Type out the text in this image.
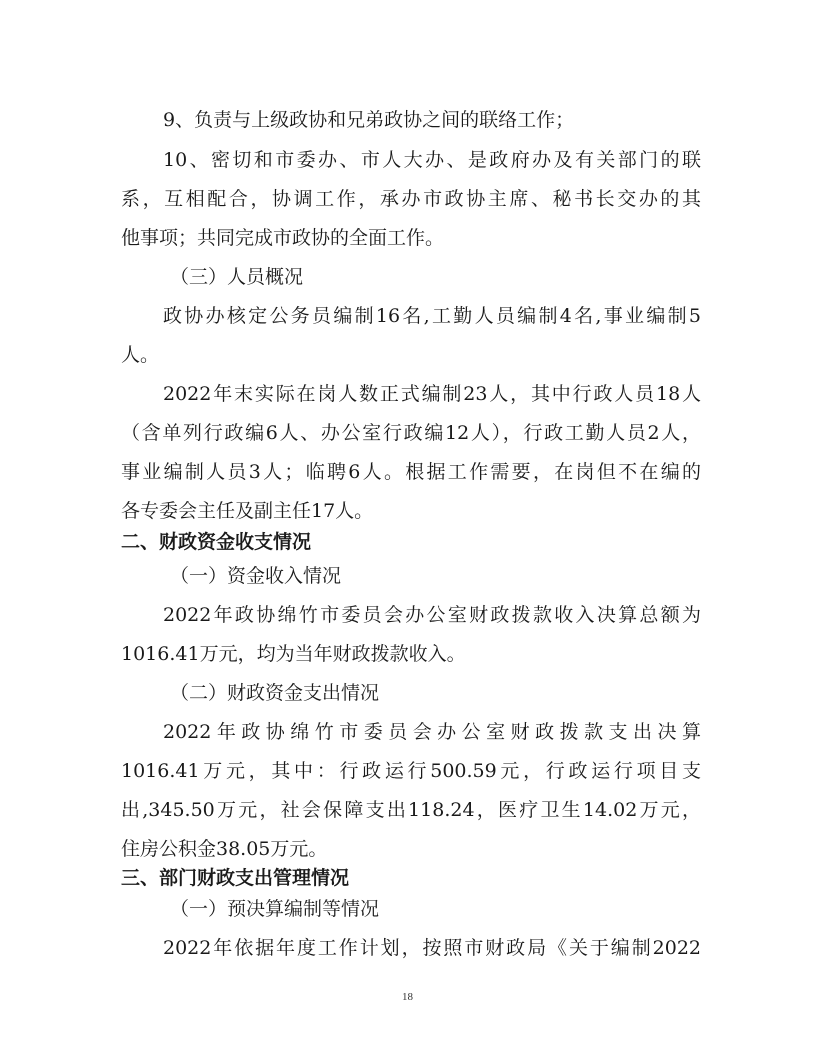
9、负责与上级政协和兄弟政协之间的联络工作；

10、密切和市委办、市人大办、是政府办及有关部门的联

系，互相配合，协调工作，承办市政协主席、秘书长交办的其

他事项；共同完成市政协的全面工作。

（三）人员概况

政协办核定公务员编制16名,工勤人员编制4名,事业编制5

人。

2022年末实际在岗人数正式编制23人，其中行政人员18人

（含单列行政编6人、办公室行政编12人），行政工勤人员2人，

事业编制人员3人；临聘6人。根据工作需要，在岗但不在编的

各专委会主任及副主任17人。

二、财政资金收支情况

（一）资金收入情况

2022年政协绵竹市委员会办公室财政拨款收入决算总额为

1016.41万元，均为当年财政拨款收入。

（二）财政资金支出情况

2022年政协绵竹市委员会办公室财政拨款支出决算

1016.41万元，其中：行政运行500.59元，行政运行项目支

出,345.50万元，社会保障支出118.24，医疗卫生14.02万元，

住房公积金38.05万元。

三、部门财政支出管理情况

（一）预决算编制等情况

2022年依据年度工作计划，按照市财政局《关于编制2022

18
